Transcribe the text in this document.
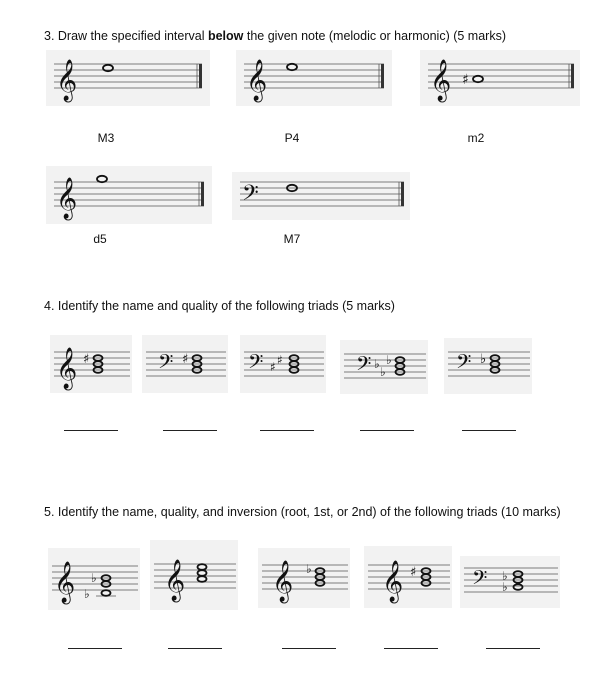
3. Draw the specified interval below the given note (melodic or harmonic) (5 marks)
𝄞
M3
𝄞
P4
𝄞 ♯
m2
𝄞
d5
𝄢
M7
4. Identify the name and quality of the following triads (5 marks)
𝄞 ♯	𝄢 ♯ 𝄢 ♯ ♯	𝄢 ♭
♭
♭	𝄢 ♭
5. Identify the name, quality, and inversion (root, 1st, or 2nd) of the following triads (10 marks)
𝄞 ♭
♭ 𝄞 𝄞 ♭ 𝄞 ♯ 𝄢 ♭
♭
